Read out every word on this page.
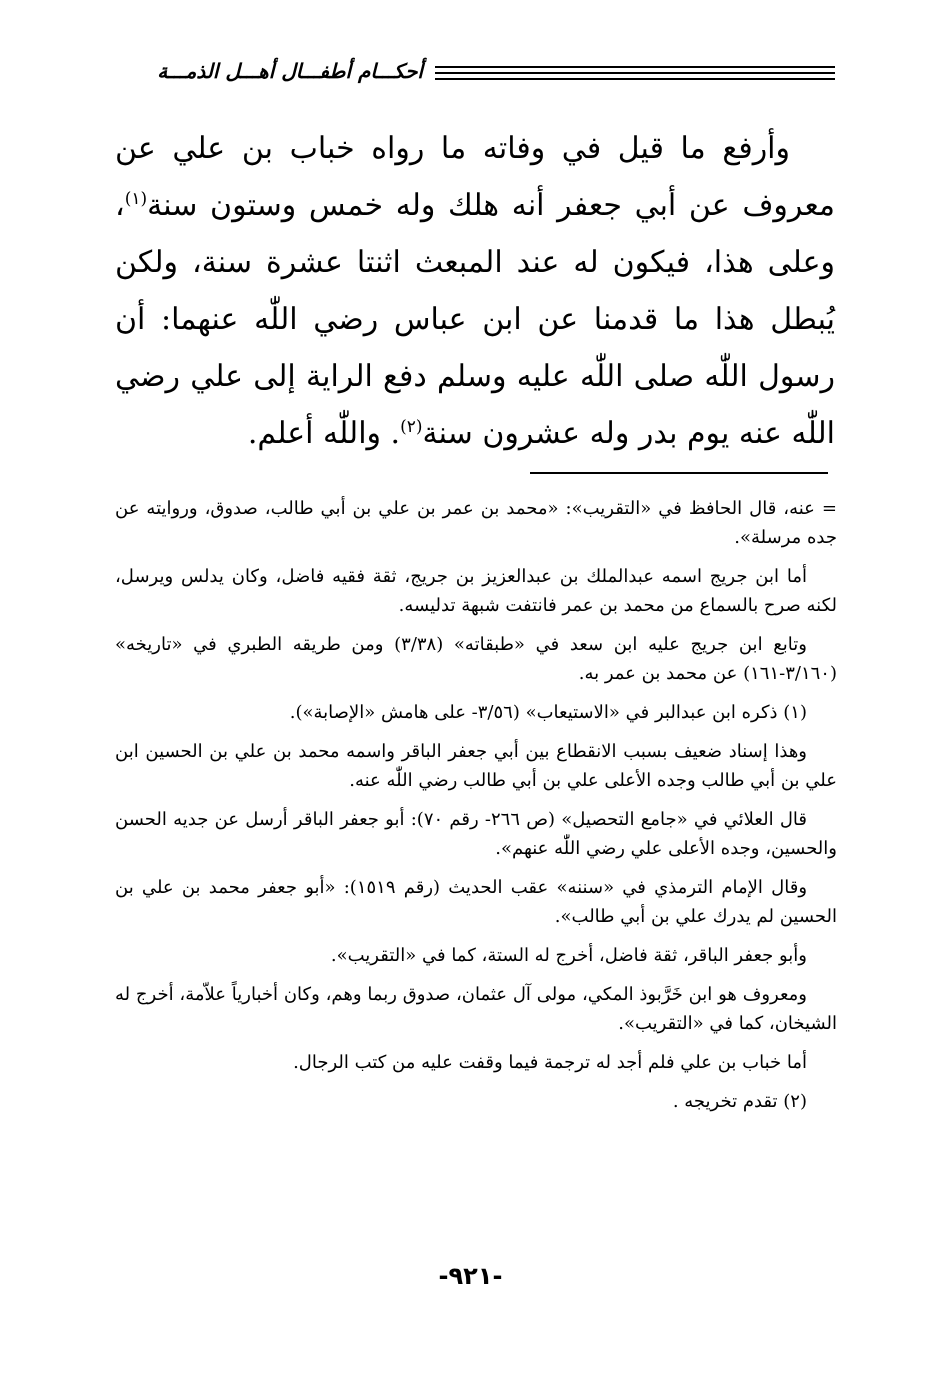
أحكـــام أطفـــال أهـــل الذمـــة

وأرفع ما قيل في وفاته ما رواه خباب بن علي عن معروف عن أبي جعفر أنه هلك وله خمس وستون سنة$^{(١)}$، وعلى هذا، فيكون له عند المبعث اثنتا عشرة سنة، ولكن يُبطل هذا ما قدمنا عن ابن عباس رضي اللّٰه عنهما: أن رسول اللّٰه صلى اللّٰه عليه وسلم دفع الراية إلى علي رضي اللّٰه عنه يوم بدر وله عشرون سنة$^{(٢)}$. واللّٰه أعلم.

= عنه، قال الحافظ في «التقريب»: «محمد بن عمر بن علي بن أبي طالب، صدوق، وروايته عن جده مرسلة».

أما ابن جريج اسمه عبدالملك بن عبدالعزيز بن جريج، ثقة فقيه فاضل، وكان يدلس ويرسل، لكنه صرح بالسماع من محمد بن عمر فانتفت شبهة تدليسه.

وتابع ابن جريج عليه ابن سعد في «طبقاته» (٣/٣٨) ومن طريقه الطبري في «تاريخه» (٣/١٦٠-١٦١) عن محمد بن عمر به.

(١) ذكره ابن عبدالبر في «الاستيعاب» (٣/٥٦- على هامش «الإصابة»).

وهذا إسناد ضعيف بسبب الانقطاع بين أبي جعفر الباقر واسمه محمد بن علي بن الحسين ابن علي بن أبي طالب وجده الأعلى علي بن أبي طالب رضي اللّٰه عنه.

قال العلائي في «جامع التحصيل» (ص ٢٦٦- رقم ٧٠): أبو جعفر الباقر أرسل عن جديه الحسن والحسين، وجده الأعلى علي رضي اللّٰه عنهم».

وقال الإمام الترمذي في «سننه» عقب الحديث (رقم ١٥١٩): «أبو جعفر محمد بن علي بن الحسين لم يدرك علي بن أبي طالب».

وأبو جعفر الباقر، ثقة فاضل، أخرج له الستة، كما في «التقريب».

ومعروف هو ابن خَرَّبوذ المكي، مولى آل عثمان، صدوق ربما وهم، وكان أخبارياً علاّمة، أخرج له الشيخان، كما في «التقريب».

أما خباب بن علي فلم أجد له ترجمة فيما وقفت عليه من كتب الرجال.

(٢) تقدم تخريجه .

-٩٢١-
